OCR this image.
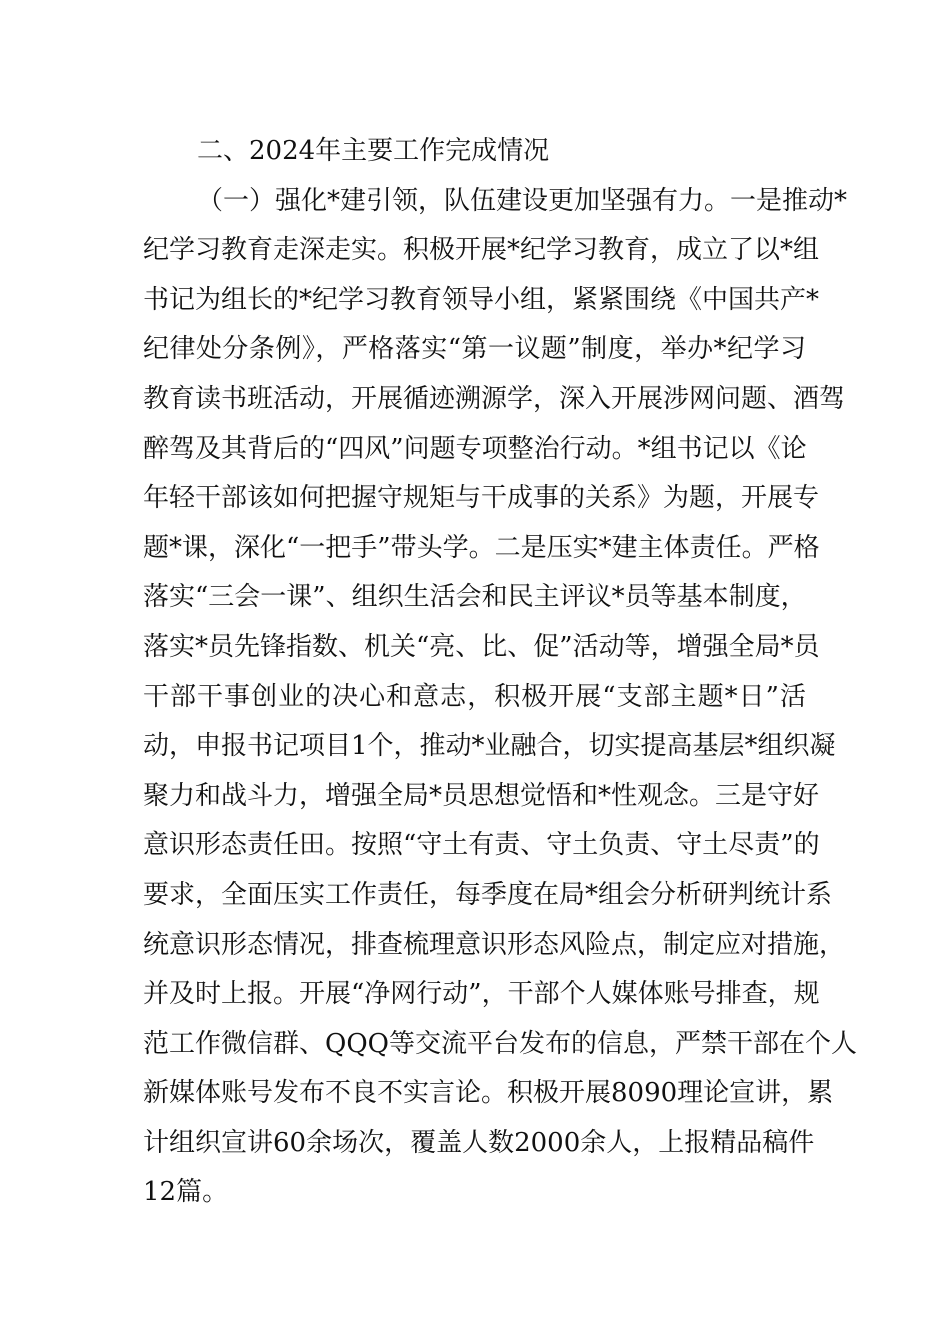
二、2024年主要工作完成情况
（一）强化*建引领，队伍建设更加坚强有力。一是推动*
纪学习教育走深走实。积极开展*纪学习教育，成立了以*组
书记为组长的*纪学习教育领导小组，紧紧围绕《中国共产*
纪律处分条例》，严格落实“第一议题”制度，举办*纪学习
教育读书班活动，开展循迹溯源学，深入开展涉网问题、酒驾
醉驾及其背后的“四风”问题专项整治行动。*组书记以《论
年轻干部该如何把握守规矩与干成事的关系》为题，开展专
题*课，深化“一把手”带头学。二是压实*建主体责任。严格
落实“三会一课”、组织生活会和民主评议*员等基本制度，
落实*员先锋指数、机关“亮、比、促”活动等，增强全局*员
干部干事创业的决心和意志，积极开展“支部主题*日”活
动，申报书记项目1个，推动*业融合，切实提高基层*组织凝
聚力和战斗力，增强全局*员思想觉悟和*性观念。三是守好
意识形态责任田。按照“守土有责、守土负责、守土尽责”的
要求，全面压实工作责任，每季度在局*组会分析研判统计系
统意识形态情况，排查梳理意识形态风险点，制定应对措施，
并及时上报。开展“净网行动”，干部个人媒体账号排查，规
范工作微信群、QQQ等交流平台发布的信息，严禁干部在个人
新媒体账号发布不良不实言论。积极开展8090理论宣讲，累
计组织宣讲60余场次，覆盖人数2000余人，上报精品稿件
12篇。
